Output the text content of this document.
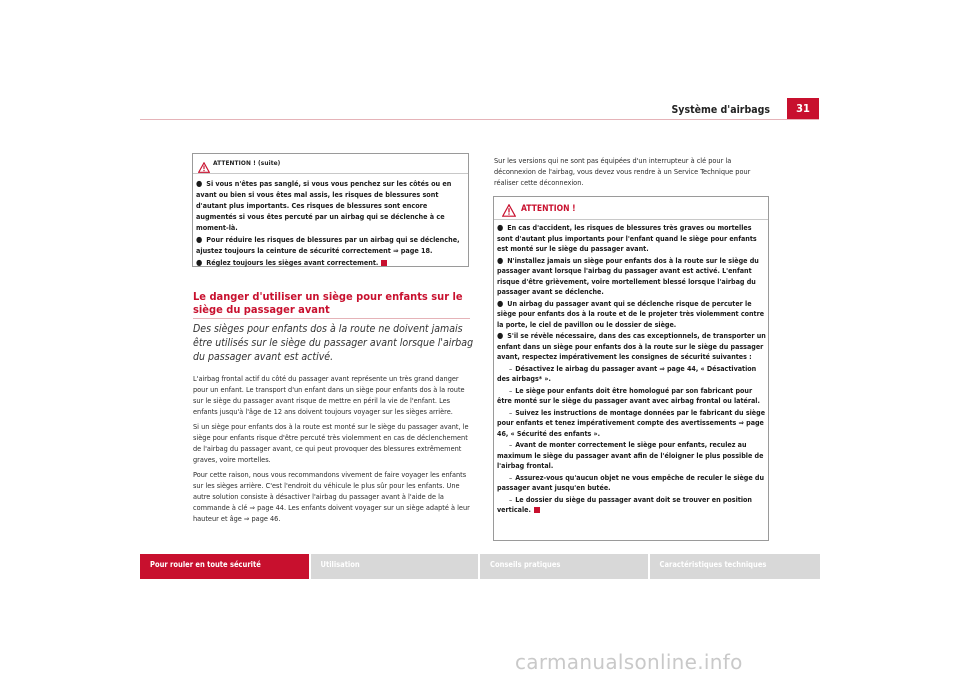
Système d'airbags	31
ATTENTION ! (suite)
● Si vous n'êtes pas sanglé, si vous vous penchez sur les côtés ou en avant ou bien si vous êtes mal assis, les risques de blessures sont d'autant plus importants. Ces risques de blessures sont encore augmentés si vous êtes percuté par un airbag qui se déclenche à ce moment-là.
● Pour réduire les risques de blessures par un airbag qui se déclenche, ajustez toujours la ceinture de sécurité correctement ⇒ page 18.
● Réglez toujours les sièges avant correctement.
Le danger d'utiliser un siège pour enfants sur le siège du passager avant
Des sièges pour enfants dos à la route ne doivent jamais être utilisés sur le siège du passager avant lorsque l'airbag du passager avant est activé.

L'airbag frontal actif du côté du passager avant représente un très grand danger pour un enfant. Le transport d'un enfant dans un siège pour enfants dos à la route sur le siège du passager avant risque de mettre en péril la vie de l'enfant. Les enfants jusqu'à l'âge de 12 ans doivent toujours voyager sur les sièges arrière.

Si un siège pour enfants dos à la route est monté sur le siège du passager avant, le siège pour enfants risque d'être percuté très violemment en cas de déclenchement de l'airbag du passager avant, ce qui peut provoquer des blessures extrêmement graves, voire mortelles.

Pour cette raison, nous vous recommandons vivement de faire voyager les enfants sur les sièges arrière. C'est l'endroit du véhicule le plus sûr pour les enfants. Une autre solution consiste à désactiver l'airbag du passager avant à l'aide de la commande à clé ⇒ page 44. Les enfants doivent voyager sur un siège adapté à leur hauteur et âge ⇒ page 46.

Sur les versions qui ne sont pas équipées d'un interrupteur à clé pour la déconnexion de l'airbag, vous devez vous rendre à un Service Technique pour réaliser cette déconnexion.
ATTENTION !
● En cas d'accident, les risques de blessures très graves ou mortelles sont d'autant plus importants pour l'enfant quand le siège pour enfants est monté sur le siège du passager avant.
● N'installez jamais un siège pour enfants dos à la route sur le siège du passager avant lorsque l'airbag du passager avant est activé. L'enfant risque d'être grièvement, voire mortellement blessé lorsque l'airbag du passager avant se déclenche.
● Un airbag du passager avant qui se déclenche risque de percuter le siège pour enfants dos à la route et de le projeter très violemment contre la porte, le ciel de pavillon ou le dossier de siège.
● S'il se révèle nécessaire, dans des cas exceptionnels, de transporter un enfant dans un siège pour enfants dos à la route sur le siège du passager avant, respectez impérativement les consignes de sécurité suivantes :
– Désactivez le airbag du passager avant ⇒ page 44, « Désactivation des airbags* ».
– Le siège pour enfants doit être homologué par son fabricant pour être monté sur le siège du passager avant avec airbag frontal ou latéral.
– Suivez les instructions de montage données par le fabricant du siège pour enfants et tenez impérativement compte des avertissements ⇒ page 46, « Sécurité des enfants ».
– Avant de monter correctement le siège pour enfants, reculez au maximum le siège du passager avant afin de l'éloigner le plus possible de l'airbag frontal.
– Assurez-vous qu'aucun objet ne vous empêche de reculer le siège du passager avant jusqu'en butée.
– Le dossier du siège du passager avant doit se trouver en position verticale.
Pour rouler en toute sécurité	Utilisation	Conseils pratiques	Caractéristiques techniques
carmanualsonline.info
